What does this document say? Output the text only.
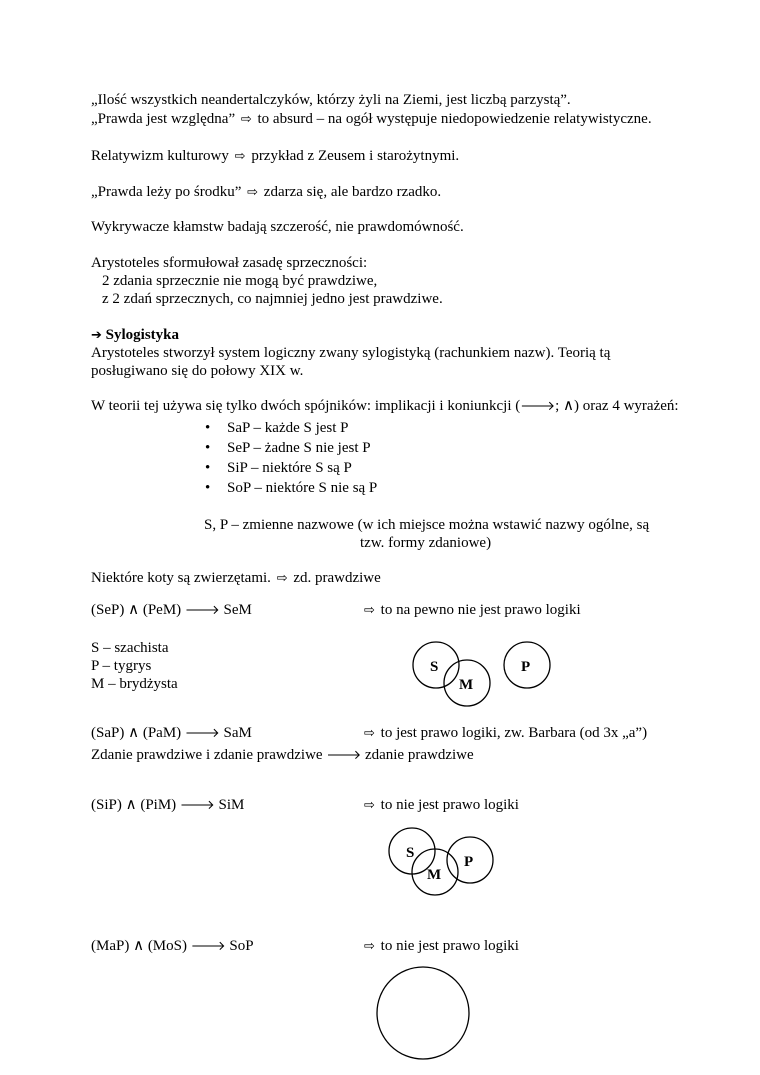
„Ilość wszystkich neandertalczyków, którzy żyli na Ziemi, jest liczbą parzystą”.
„Prawda jest względna” ⇨ to absurd – na ogół występuje niedopowiedzenie relatywistyczne.
Relatywizm kulturowy ⇨ przykład z Zeusem i starożytnymi.
„Prawda leży po środku” ⇨ zdarza się, ale bardzo rzadko.
Wykrywacze kłamstw badają szczerość, nie prawdomówność.
Arystoteles sformułował zasadę sprzeczności:
2 zdania sprzecznie nie mogą być prawdziwe,
z 2 zdań sprzecznych, co najmniej jedno jest prawdziwe.
➔ Sylogistyka
Arystoteles stworzył system logiczny zwany sylogistyką (rachunkiem nazw). Teorią tą
posługiwano się do połowy XIX w.
W teorii tej używa się tylko dwóch spójników: implikacji i koniunkcji (🡒; ∧) oraz 4 wyrażeń:
• SaP – każde S jest P
• SeP – żadne S nie jest P
• SiP – niektóre S są P
• SoP – niektóre S nie są P
S, P – zmienne nazwowe (w ich miejsce można wstawić nazwy ogólne, są
tzw. formy zdaniowe)
Niektóre koty są zwierzętami. ⇨ zd. prawdziwe
(SeP) ∧ (PeM) 🡒 SeM	⇨ to na pewno nie jest prawo logiki
S – szachista
P – tygrys
M – brydżysta
(SaP) ∧ (PaM) 🡒 SaM	⇨ to jest prawo logiki, zw. Barbara (od 3x „a”)
Zdanie prawdziwe i zdanie prawdziwe 🡒 zdanie prawdziwe
(SiP) ∧ (PiM) 🡒 SiM	⇨ to nie jest prawo logiki
(MaP) ∧ (MoS) 🡒 SoP	⇨ to nie jest prawo logiki
S
M
P
S
M
P
